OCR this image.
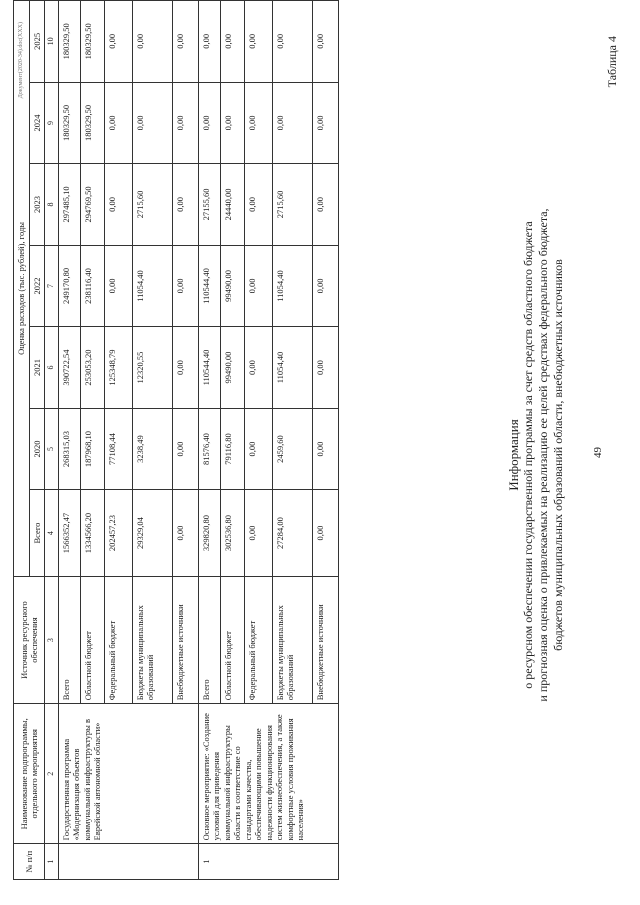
49
Таблица 4
Информация о ресурсном обеспечении государственной программы за счет средств областного бюджета и прогнозная оценка о привлекаемых на реализацию ее целей средствах федерального бюджета, бюджетов муниципальных образований области, внебюджетных источников
Документ(2020-34).doc(XXX)
№ п/п	Наименование подпрограммы, отдельного мероприятия	Источник ресурсного обеспечения	Оценка расходов (тыс. рублей), годы						
			Всего	2020	2021	2022	2023	2024	2025
1	2	3	4	5	6	7	8	9	10
	Государственная программа «Модернизация объектов коммунальной инфраструктуры в Еврейской автономной области»	Всего	1566352,47	268315,03	390722,54	249170,80	297485,10	180329,50	180329,50
		Областной бюджет	1334566,20	187968,10	253053,20	238116,40	294769,50	180329,50	180329,50
		Федеральный бюджет	202457,23	77108,44	125348,79	0,00	0,00	0,00	0,00
		Бюджеты муниципальных образований	29329,04	3238,49	12320,55	11054,40	2715,60	0,00	0,00
		Внебюджетные источники	0,00	0,00	0,00	0,00	0,00	0,00	0,00
1	Основное мероприятие: «Создание условий для приведения коммунальной инфраструктуры области в соответствие со стандартами качества, обеспечивающими повышение надежности функционирования систем жизнеобеспечения, а также комфортные условия проживания населения»	Всего	329820,80	81576,40	110544,40	110544,40	27155,60	0,00	0,00
		Областной бюджет	302536,80	79116,80	99490,00	99490,00	24440,00	0,00	0,00
		Федеральный бюджет	0,00	0,00	0,00	0,00	0,00	0,00	0,00
		Бюджеты муниципальных образований	27284,00	2459,60	11054,40	11054,40	2715,60	0,00	0,00
		Внебюджетные источники	0,00	0,00	0,00	0,00	0,00	0,00	0,00
